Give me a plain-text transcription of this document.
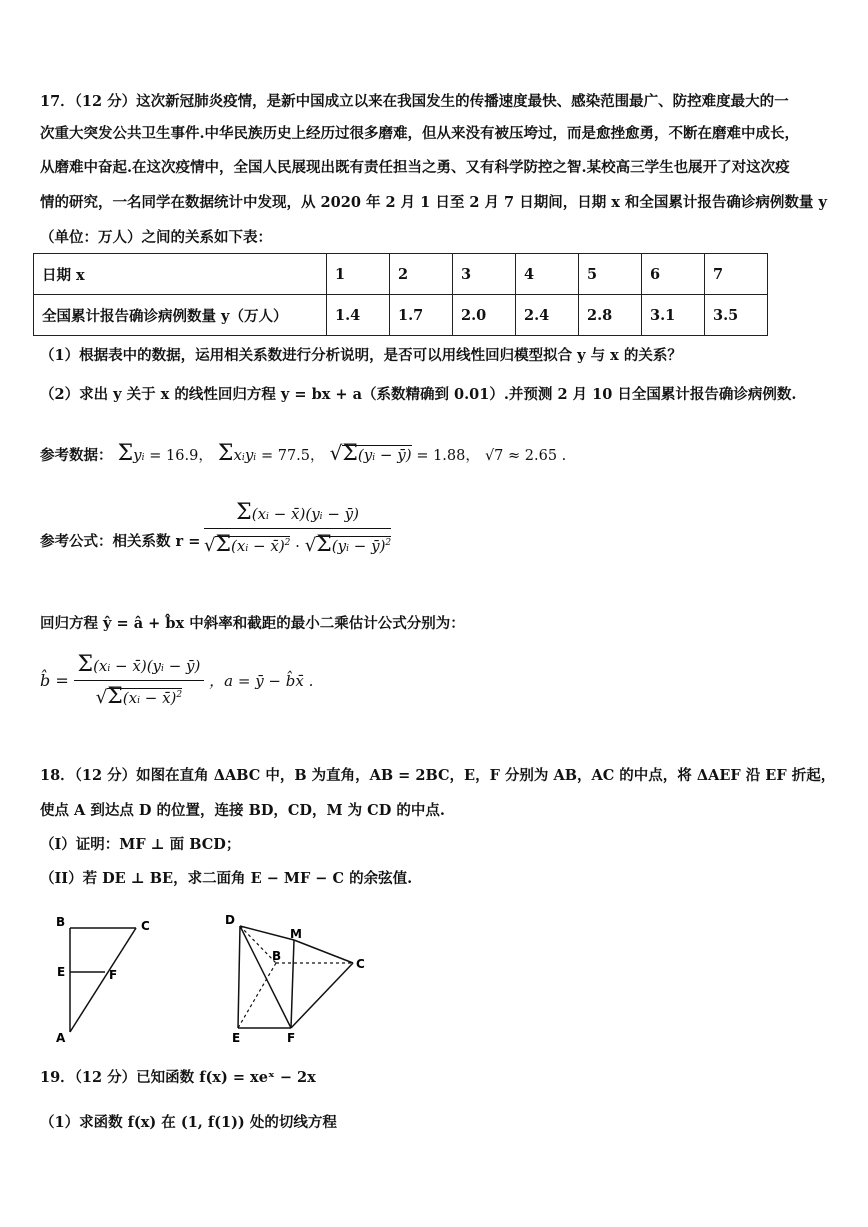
17．（12 分）这次新冠肺炎疫情，是新中国成立以来在我国发生的传播速度最快、感染范围最广、防控难度最大的一
次重大突发公共卫生事件.中华民族历史上经历过很多磨难，但从来没有被压垮过，而是愈挫愈勇，不断在磨难中成长，
从磨难中奋起.在这次疫情中，全国人民展现出既有责任担当之勇、又有科学防控之智.某校高三学生也展开了对这次疫
情的研究，一名同学在数据统计中发现，从 2020 年 2 月 1 日至 2 月 7 日期间，日期 x 和全国累计报告确诊病例数量 y
（单位：万人）之间的关系如下表：
日期 x	1	2	3	4	5	6	7
全国累计报告确诊病例数量 y（万人）	1.4	1.7	2.0	2.4	2.8	3.1	3.5
（1）根据表中的数据，运用相关系数进行分析说明，是否可以用线性回归模型拟合 y 与 x 的关系？
（2）求出 y 关于 x 的线性回归方程 y = bx + a（系数精确到 0.01）.并预测 2 月 10 日全国累计报告确诊病例数.
参考数据： Σyi = 16.9， Σxiyi = 77.5， √Σ(yi − ȳ) = 1.88， √7 ≈ 2.65 .
参考公式：相关系数 $r = \frac{\Sigma(xi - x̄)(yi - ȳ)}{√\Sigma(xi - x̄)^2 \cdot √\Sigma(yi - ȳ)^2}$
回归方程 ŷ = â + b̂x 中斜率和截距的最小二乘估计公式分别为：
b̂ = $\frac{\Sigma(xi - x̄)(yi - ȳ)}{√\Sigma(xi - x̄)^2}$ ，a = ȳ − b̂x̄ .
18．（12 分）如图在直角 ΔABC 中，B 为直角，AB = 2BC，E，F 分别为 AB，AC 的中点，将 ΔAEF 沿 EF 折起，
使点 A 到达点 D 的位置，连接 BD，CD，M 为 CD 的中点.
（I）证明：MF ⊥ 面 BCD；
（II）若 DE ⊥ BE，求二面角 E − MF − C 的余弦值.
B	C
E	F
A
D
M
B
C
E	F
19．（12 分）已知函数 f(x) = xeˣ − 2x
（1）求函数 f(x) 在 (1, f(1)) 处的切线方程
